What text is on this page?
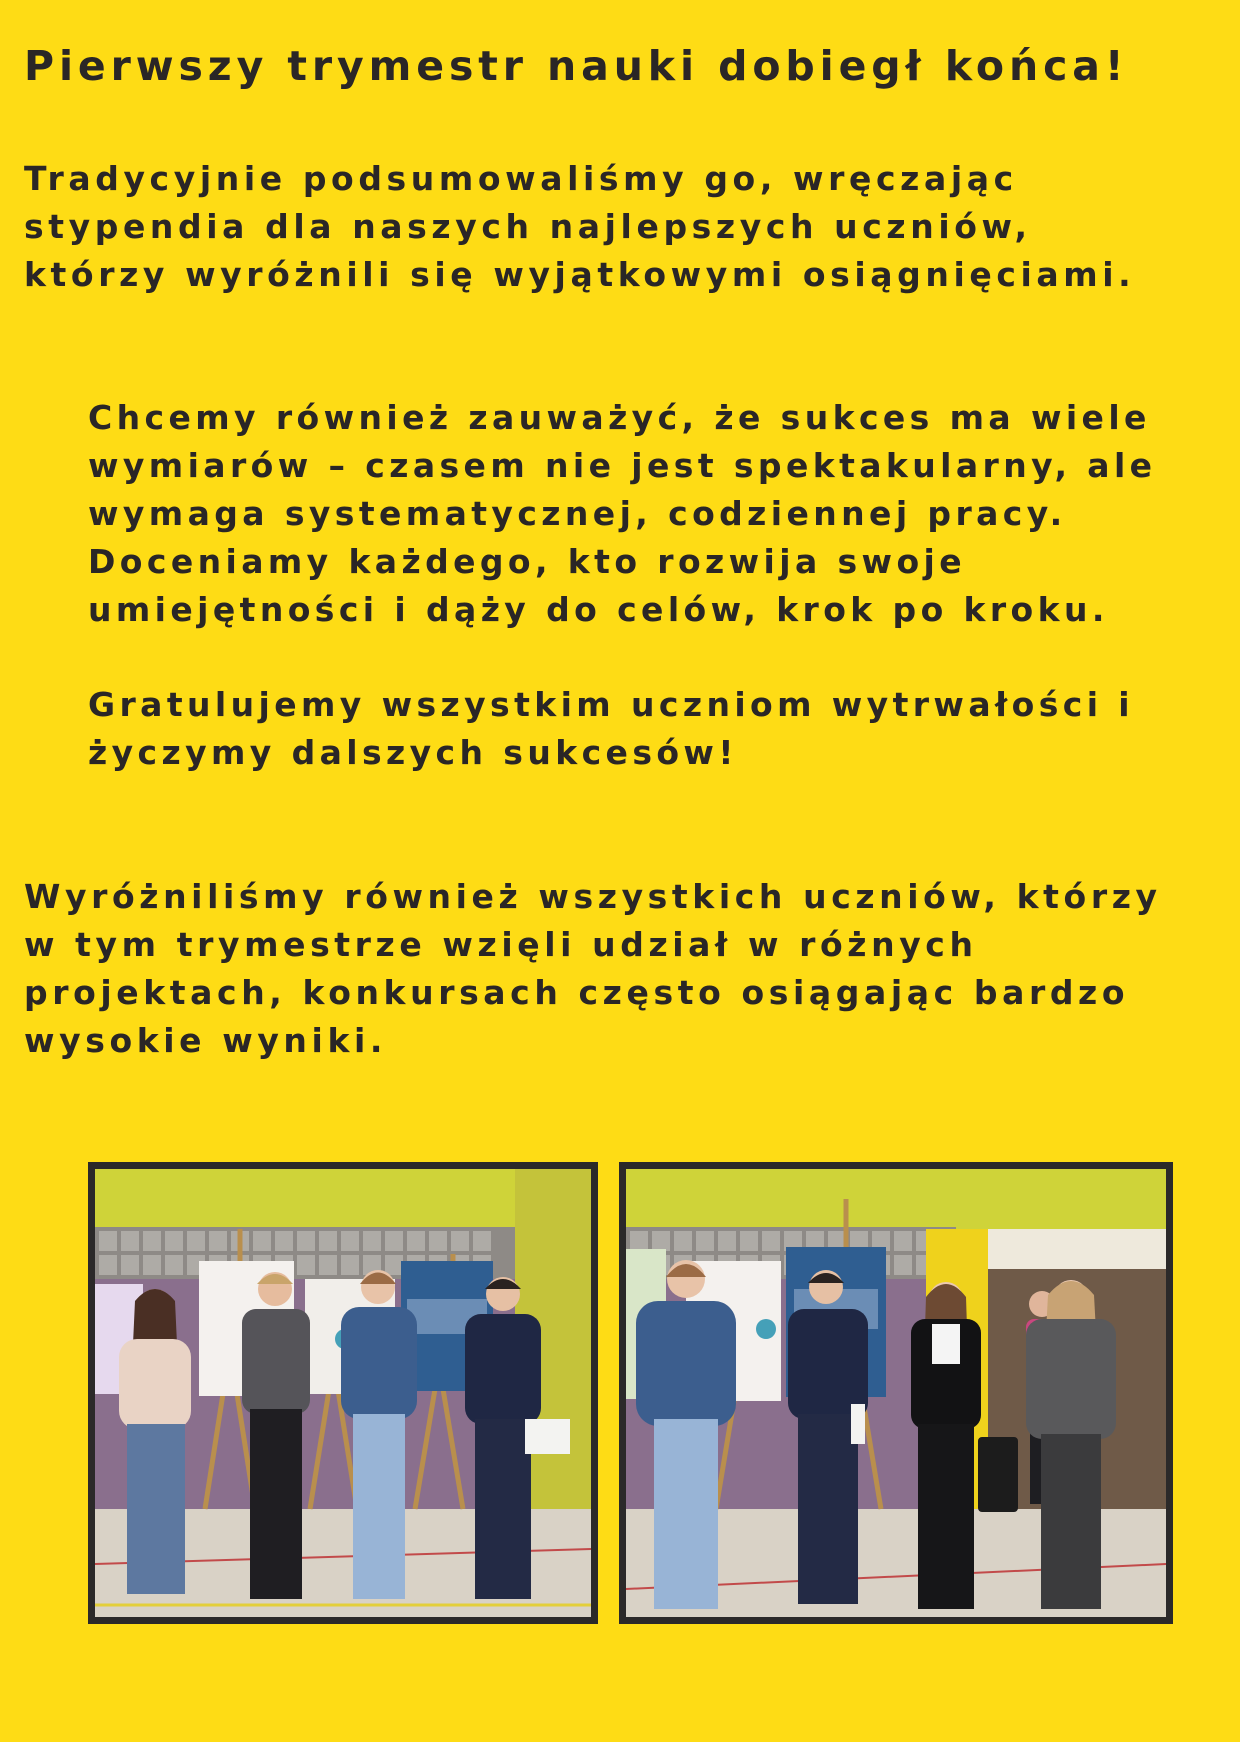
Pierwszy trymestr nauki dobiegł końca!

Tradycyjnie podsumowaliśmy go, wręczając
stypendia dla naszych najlepszych uczniów,
którzy wyróżnili się wyjątkowymi osiągnięciami.

Chcemy również zauważyć, że sukces ma wiele
wymiarów – czasem nie jest spektakularny, ale
wymaga systematycznej, codziennej pracy.
Doceniamy każdego, kto rozwija swoje
umiejętności i dąży do celów, krok po kroku.

Gratulujemy wszystkim uczniom wytrwałości i
życzymy dalszych sukcesów!

Wyróżniliśmy również wszystkich uczniów, którzy
w tym trymestrze wzięli udział w różnych
projektach, konkursach często osiągając bardzo
wysokie wyniki.
